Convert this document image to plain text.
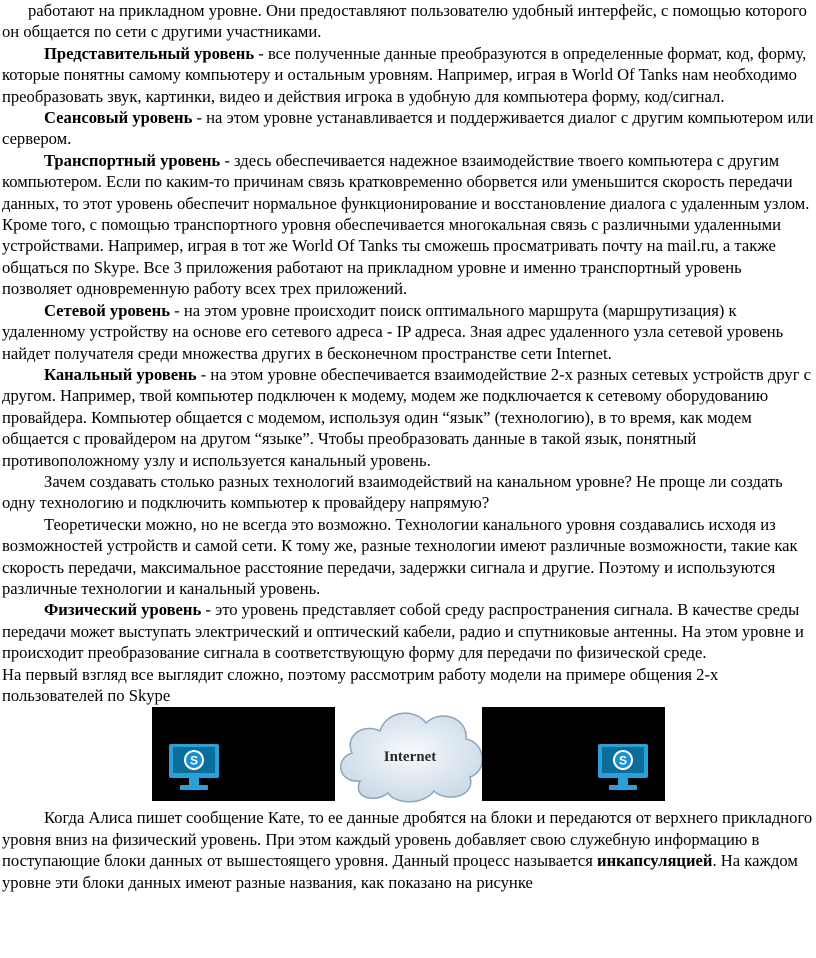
работают на прикладном уровне. Они предоставляют пользователю удобный интерфейс, с помощью которого он общается по сети с другими участниками.

Представительный уровень - все полученные данные преобразуются в определенные формат, код, форму, которые понятны самому компьютеру и остальным уровням. Например, играя в World Of Tanks нам необходимо преобразовать звук, картинки, видео и действия игрока в удобную для компьютера форму, код/сигнал.

Сеансовый уровень - на этом уровне устанавливается и поддерживается диалог с другим компьютером или сервером.

Транспортный уровень - здесь обеспечивается надежное взаимодействие твоего компьютера с другим компьютером. Если по каким-то причинам связь кратковременно оборвется или уменьшится скорость передачи данных, то этот уровень обеспечит нормальное функционирование и восстановление диалога с удаленным узлом. Кроме того, с помощью транспортного уровня обеспечивается многокальная связь с различными удаленными устройствами. Например, играя в тот же World Of Tanks ты сможешь просматривать почту на mail.ru, а также общаться по Skype. Все 3 приложения работают на прикладном уровне и именно транспортный уровень позволяет одновременную работу всех трех приложений.

Сетевой уровень - на этом уровне происходит поиск оптимального маршрута (маршрутизация) к удаленному устройству на основе его сетевого адреса - IP адреса. Зная адрес удаленного узла сетевой уровень найдет получателя среди множества других в бесконечном пространстве сети Internet.

Канальный уровень - на этом уровне обеспечивается взаимодействие 2-х разных сетевых устройств друг с другом. Например, твой компьютер подключен к модему, модем же подключается к сетевому оборудованию провайдера. Компьютер общается с модемом, используя один “язык” (технологию), в то время, как модем общается с провайдером на другом “языке”. Чтобы преобразовать данные в такой язык, понятный противоположному узлу и используется канальный уровень.

Зачем создавать столько разных технологий взаимодействий на канальном уровне? Не проще ли создать одну технологию и подключить компьютер к провайдеру напрямую?

Теоретически можно, но не всегда это возможно. Технологии канального уровня создавались исходя из возможностей устройств и самой сети. К тому же, разные технологии имеют различные возможности, такие как скорость передачи, максимальное расстояние передачи, задержки сигнала и другие. Поэтому и используются различные технологии и канальный уровень.

Физический уровень - это уровень представляет собой среду распространения сигнала. В качестве среды передачи может выступать электрический и оптический кабели, радио и спутниковые антенны. На этом уровне и происходит преобразование сигнала в соответствующую форму для передачи по физической среде.

На первый взгляд все выглядит сложно, поэтому рассмотрим работу модели на примере общения 2-х пользователей по Skype

S	Internet	S

Когда Алиса пишет сообщение Кате, то ее данные дробятся на блоки и передаются от верхнего прикладного уровня вниз на физический уровень. При этом каждый уровень добавляет свою служебную информацию в поступающие блоки данных от вышестоящего уровня. Данный процесс называется инкапсуляцией. На каждом уровне эти блоки данных имеют разные названия, как показано на рисунке
